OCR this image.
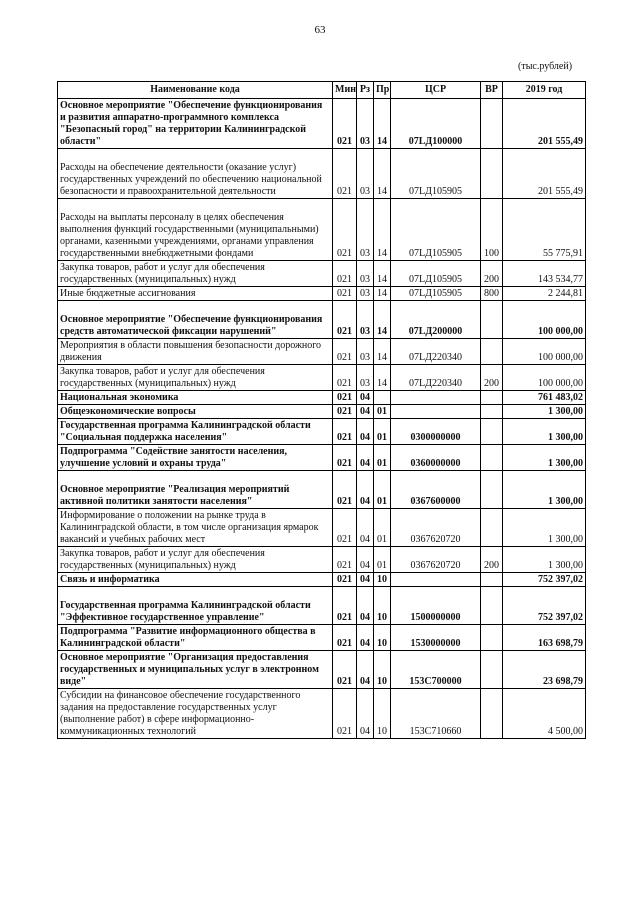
63
(тыс.рублей)
Наименование кода	Мин	Рз	Пр	ЦСР	ВР	2019 год
Основное мероприятие "Обеспечение функционирования и развития аппаратно-программного комплекса "Безопасный город" на территории Калининградской области"	021	03	14	07LД100000		201 555,49
Расходы на обеспечение деятельности (оказание услуг) государственных учреждений по обеспечению национальной безопасности и правоохранительной деятельности	021	03	14	07LД105905		201 555,49
Расходы на выплаты персоналу в целях обеспечения выполнения функций государственными (муниципальными) органами, казенными учреждениями, органами управления государственными внебюджетными фондами	021	03	14	07LД105905	100	55 775,91
Закупка товаров, работ и услуг для обеспечения государственных (муниципальных) нужд	021	03	14	07LД105905	200	143 534,77
Иные бюджетные ассигнования	021	03	14	07LД105905	800	2 244,81
Основное мероприятие "Обеспечение функционирования средств автоматической фиксации нарушений"	021	03	14	07LД200000		100 000,00
Мероприятия в области повышения безопасности дорожного движения	021	03	14	07LД220340		100 000,00
Закупка товаров, работ и услуг для обеспечения государственных (муниципальных) нужд	021	03	14	07LД220340	200	100 000,00
Национальная экономика	021	04				761 483,02
Общеэкономические вопросы	021	04	01			1 300,00
Государственная программа Калининградской области "Социальная поддержка населения"	021	04	01	0300000000		1 300,00
Подпрограмма "Содействие занятости населения, улучшение условий и охраны труда"	021	04	01	0360000000		1 300,00
Основное мероприятие "Реализация мероприятий активной политики занятости населения"	021	04	01	0367600000		1 300,00
Информирование о положении на рынке труда в Калининградской области, в том числе организация ярмарок вакансий и учебных рабочих мест	021	04	01	0367620720		1 300,00
Закупка товаров, работ и услуг для обеспечения государственных (муниципальных) нужд	021	04	01	0367620720	200	1 300,00
Связь и информатика	021	04	10			752 397,02
Государственная программа Калининградской области "Эффективное государственное управление"	021	04	10	1500000000		752 397,02
Подпрограмма "Развитие информационного общества в Калининградской области"	021	04	10	1530000000		163 698,79
Основное мероприятие "Организация предоставления государственных и муниципальных услуг в электронном виде"	021	04	10	153C700000		23 698,79
Субсидии на финансовое обеспечение государственного задания на предоставление государственных услуг (выполнение работ) в сфере информационно-коммуникационных технологий	021	04	10	153C710660		4 500,00
